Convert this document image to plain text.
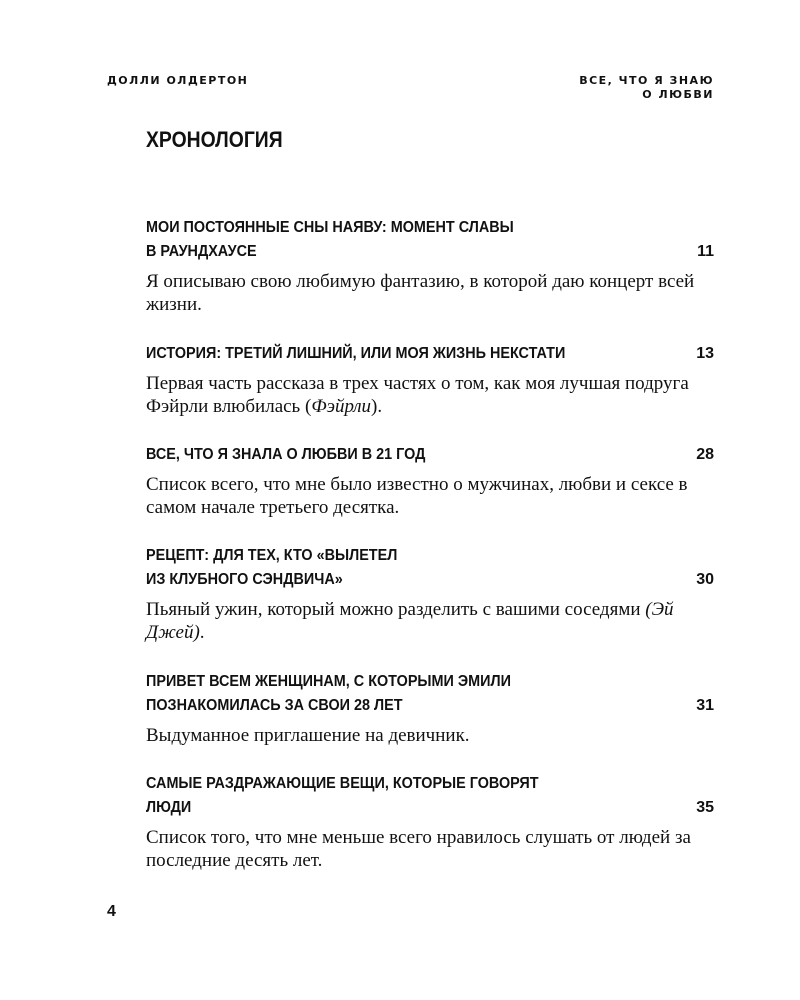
ДОЛЛИ ОЛДЕРТОН	ВСЕ, ЧТО Я ЗНАЮ
О ЛЮБВИ
ХРОНОЛОГИЯ
МОИ ПОСТОЯННЫЕ СНЫ НАЯВУ: МОМЕНТ СЛАВЫ
В РАУНДХАУСЕ	11
Я описываю свою любимую фантазию, в которой даю концерт всей жизни.
ИСТОРИЯ: ТРЕТИЙ ЛИШНИЙ, ИЛИ МОЯ ЖИЗНЬ НЕКСТАТИ	13
Первая часть рассказа в трех частях о том, как моя лучшая подруга Фэйрли влюбилась (Фэйрли).
ВСЕ, ЧТО Я ЗНАЛА О ЛЮБВИ В 21 ГОД	28
Список всего, что мне было известно о мужчинах, любви и сексе в самом начале третьего десятка.
РЕЦЕПТ: ДЛЯ ТЕХ, КТО «ВЫЛЕТЕЛ
ИЗ КЛУБНОГО СЭНДВИЧА»	30
Пьяный ужин, который можно разделить с вашими соседями (Эй Джей).
ПРИВЕТ ВСЕМ ЖЕНЩИНАМ, С КОТОРЫМИ ЭМИЛИ
ПОЗНАКОМИЛАСЬ ЗА СВОИ 28 ЛЕТ	31
Выдуманное приглашение на девичник.
САМЫЕ РАЗДРАЖАЮЩИЕ ВЕЩИ, КОТОРЫЕ ГОВОРЯТ
ЛЮДИ	35
Список того, что мне меньше всего нравилось слушать от людей за последние десять лет.
4
